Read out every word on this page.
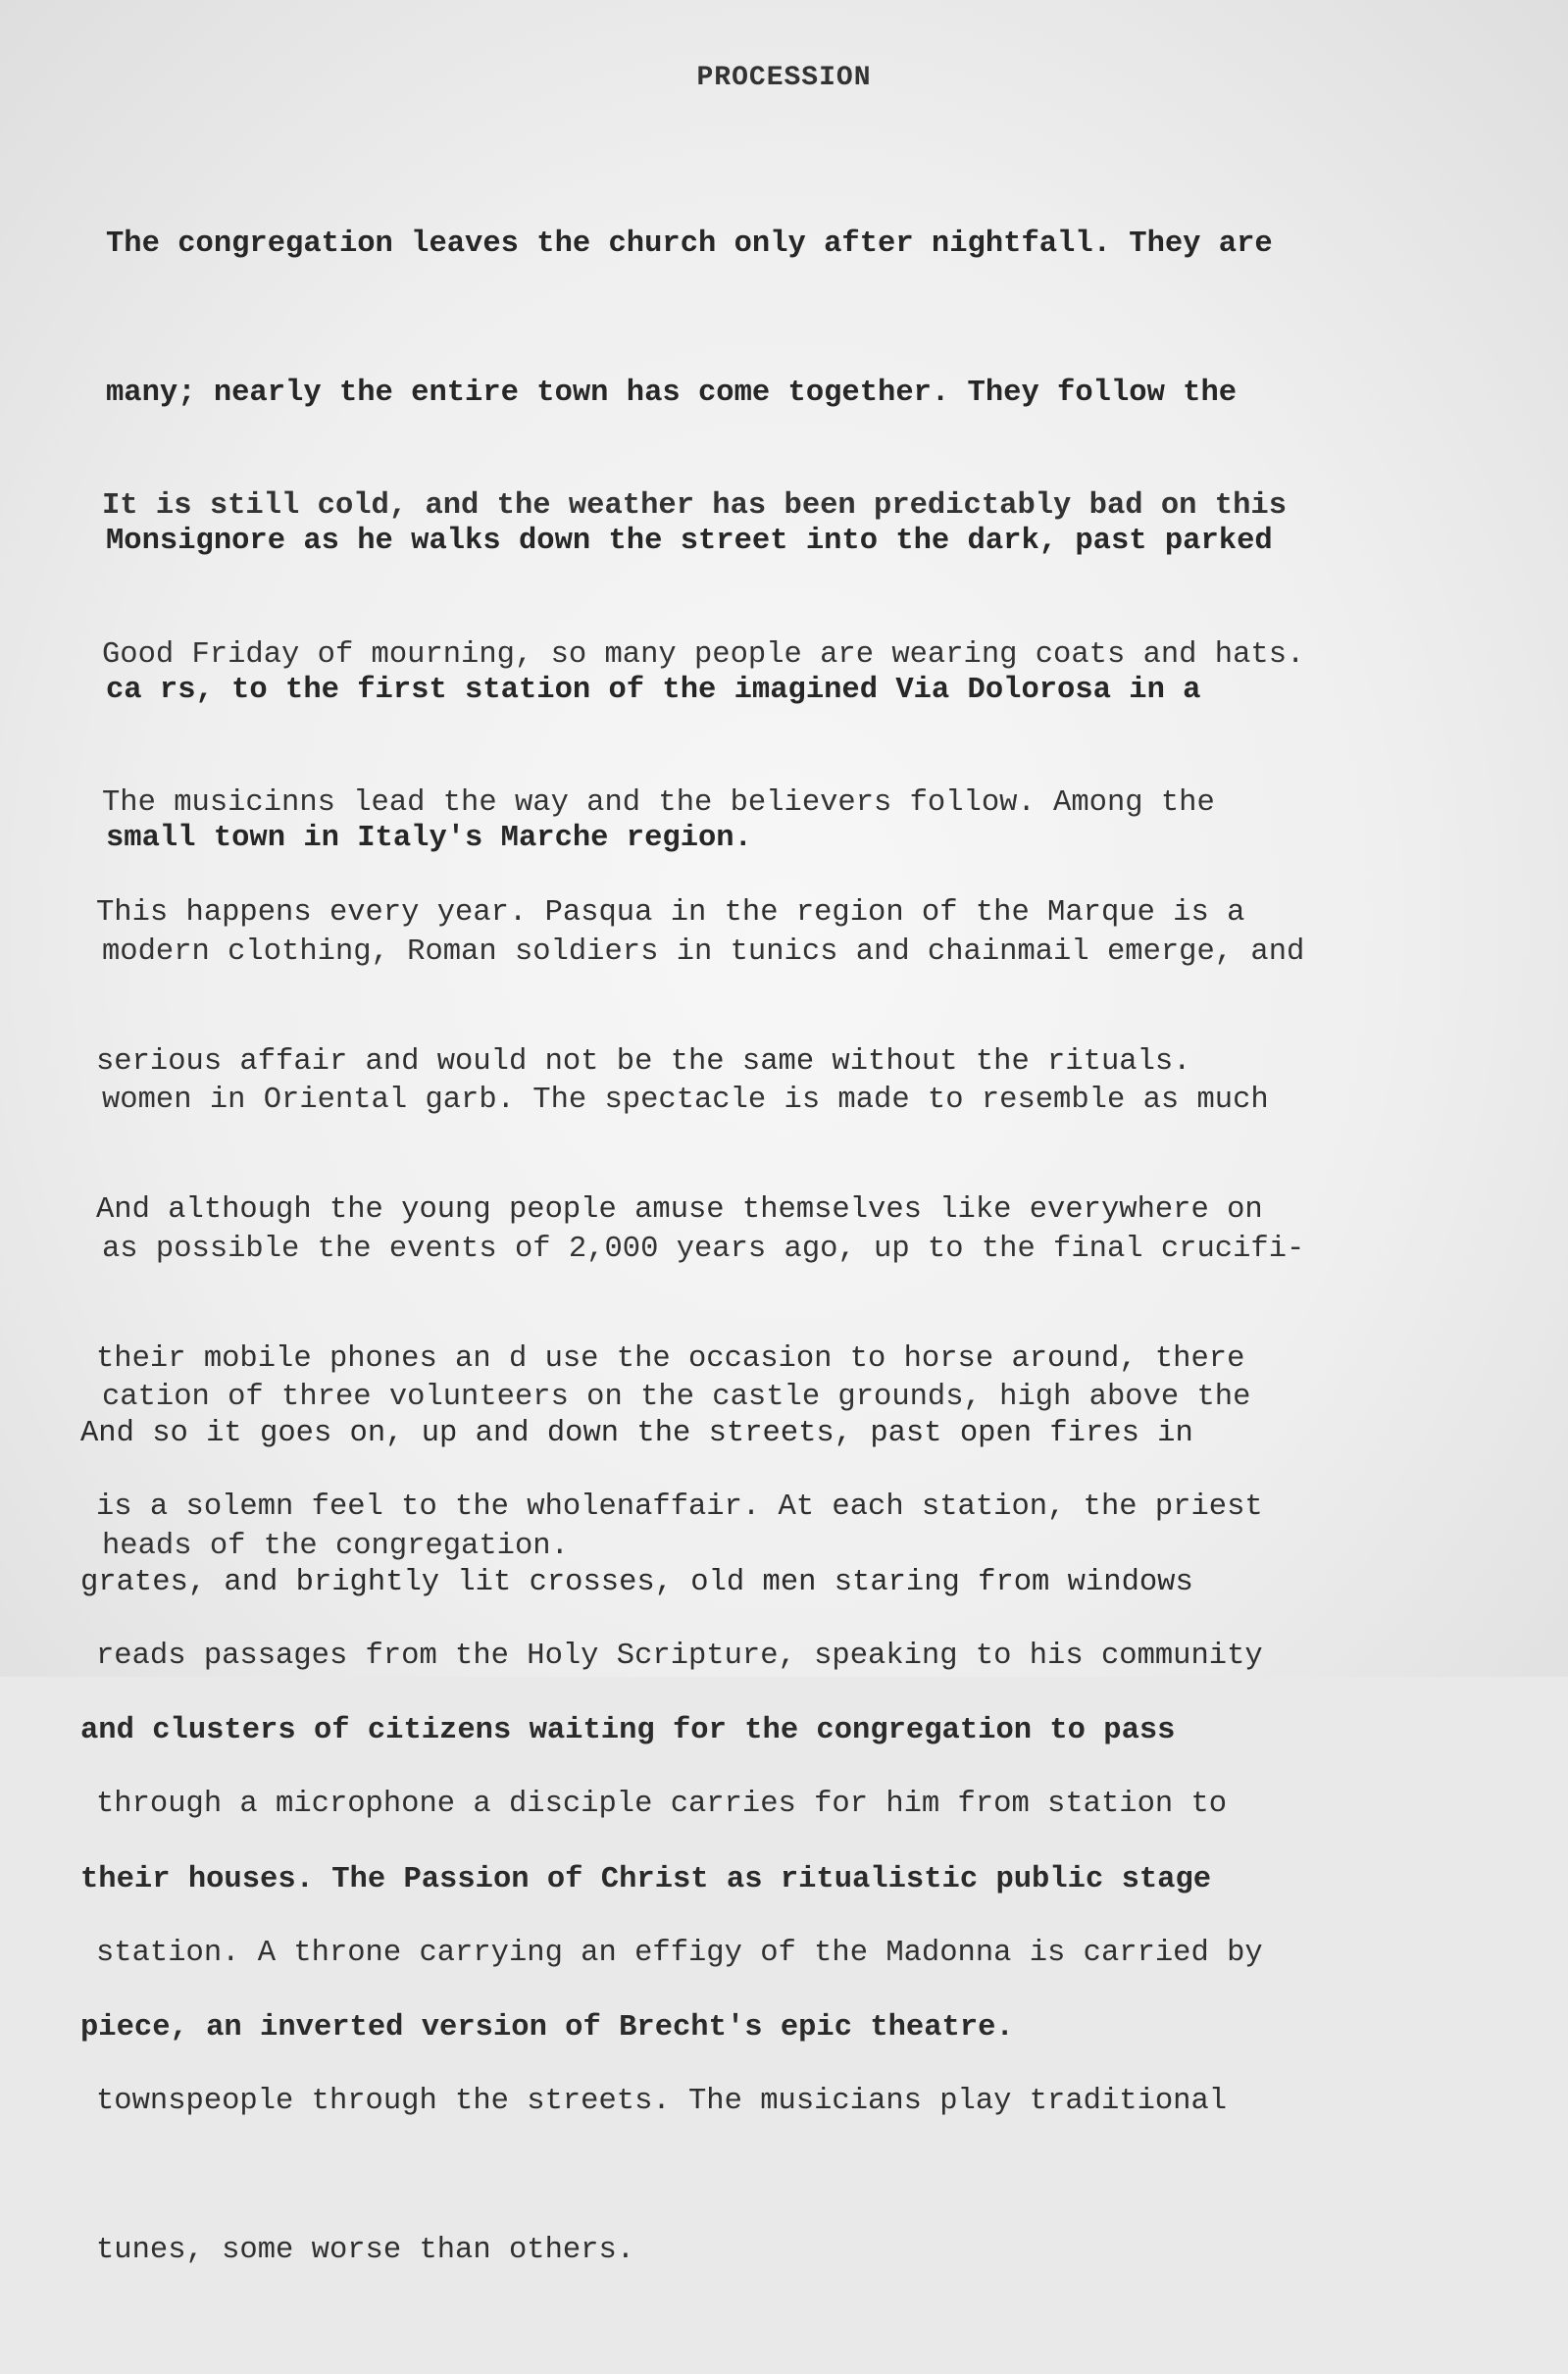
PROCESSION

The congregation leaves the church only after nightfall. They are

many; nearly the entire town has come together. They follow the

Monsignore as he walks down the street into the dark, past parked

ca rs, to the first station of the imagined Via Dolorosa in a

small town in Italy's Marche region.

It is still cold, and the weather has been predictably bad on this

Good Friday of mourning, so many people are wearing coats and hats.

The musicinns lead the way and the believers follow. Among the

modern clothing, Roman soldiers in tunics and chainmail emerge, and

women in Oriental garb. The spectacle is made to resemble as much

as possible the events of 2,000 years ago, up to the final crucifi-

cation of three volunteers on the castle grounds, high above the

heads of the congregation.

This happens every year. Pasqua in the region of the Marque is a

serious affair and would not be the same without the rituals.

And although the young people amuse themselves like everywhere on

their mobile phones an d use the occasion to horse around, there

is a solemn feel to the wholenaffair. At each station, the priest

reads passages from the Holy Scripture, speaking to his community

through a microphone a disciple carries for him from station to

station. A throne carrying an effigy of the Madonna is carried by

townspeople through the streets. The musicians play traditional

tunes, some worse than others.

And so it goes on, up and down the streets, past open fires in

grates, and brightly lit crosses, old men staring from windows

and clusters of citizens waiting for the congregation to pass

their houses. The Passion of Christ as ritualistic public stage

piece, an inverted version of Brecht's epic theatre.
